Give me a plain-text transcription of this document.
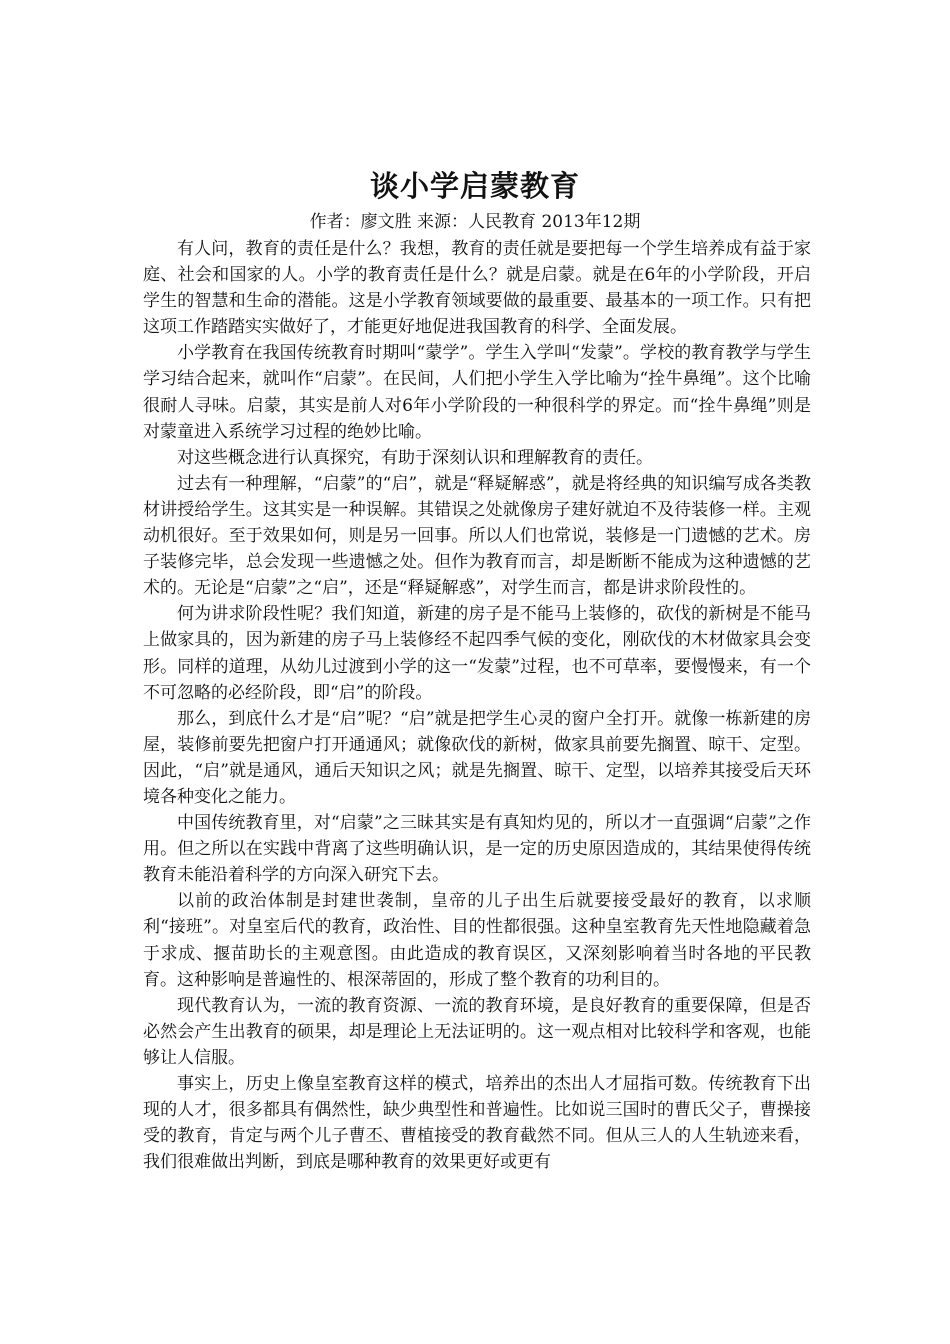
谈小学启蒙教育
作者：廖文胜 来源：人民教育 2013年12期

有人问，教育的责任是什么？我想，教育的责任就是要把每一个学生培养成有益于家庭、社会和国家的人。小学的教育责任是什么？就是启蒙。就是在6年的小学阶段，开启学生的智慧和生命的潜能。这是小学教育领域要做的最重要、最基本的一项工作。只有把这项工作踏踏实实做好了，才能更好地促进我国教育的科学、全面发展。

小学教育在我国传统教育时期叫“蒙学”。学生入学叫“发蒙”。学校的教育教学与学生学习结合起来，就叫作“启蒙”。在民间，人们把小学生入学比喻为“拴牛鼻绳”。这个比喻很耐人寻味。启蒙，其实是前人对6年小学阶段的一种很科学的界定。而“拴牛鼻绳”则是对蒙童进入系统学习过程的绝妙比喻。

对这些概念进行认真探究，有助于深刻认识和理解教育的责任。

过去有一种理解，“启蒙”的“启”，就是“释疑解惑”，就是将经典的知识编写成各类教材讲授给学生。这其实是一种误解。其错误之处就像房子建好就迫不及待装修一样。主观动机很好。至于效果如何，则是另一回事。所以人们也常说，装修是一门遗憾的艺术。房子装修完毕，总会发现一些遗憾之处。但作为教育而言，却是断断不能成为这种遗憾的艺术的。无论是“启蒙”之“启”，还是“释疑解惑”，对学生而言，都是讲求阶段性的。

何为讲求阶段性呢？我们知道，新建的房子是不能马上装修的，砍伐的新树是不能马上做家具的，因为新建的房子马上装修经不起四季气候的变化，刚砍伐的木材做家具会变形。同样的道理，从幼儿过渡到小学的这一“发蒙”过程，也不可草率，要慢慢来，有一个不可忽略的必经阶段，即“启”的阶段。

那么，到底什么才是“启”呢？“启”就是把学生心灵的窗户全打开。就像一栋新建的房屋，装修前要先把窗户打开通通风；就像砍伐的新树，做家具前要先搁置、晾干、定型。因此，“启”就是通风，通后天知识之风；就是先搁置、晾干、定型，以培养其接受后天环境各种变化之能力。

中国传统教育里，对“启蒙”之三昧其实是有真知灼见的，所以才一直强调“启蒙”之作用。但之所以在实践中背离了这些明确认识，是一定的历史原因造成的，其结果使得传统教育未能沿着科学的方向深入研究下去。

以前的政治体制是封建世袭制，皇帝的儿子出生后就要接受最好的教育，以求顺利“接班”。对皇室后代的教育，政治性、目的性都很强。这种皇室教育先天性地隐藏着急于求成、揠苗助长的主观意图。由此造成的教育误区，又深刻影响着当时各地的平民教育。这种影响是普遍性的、根深蒂固的，形成了整个教育的功利目的。

现代教育认为，一流的教育资源、一流的教育环境，是良好教育的重要保障，但是否必然会产生出教育的硕果，却是理论上无法证明的。这一观点相对比较科学和客观，也能够让人信服。

事实上，历史上像皇室教育这样的模式，培养出的杰出人才屈指可数。传统教育下出现的人才，很多都具有偶然性，缺少典型性和普遍性。比如说三国时的曹氏父子，曹操接受的教育，肯定与两个儿子曹丕、曹植接受的教育截然不同。但从三人的人生轨迹来看，我们很难做出判断，到底是哪种教育的效果更好或更有
